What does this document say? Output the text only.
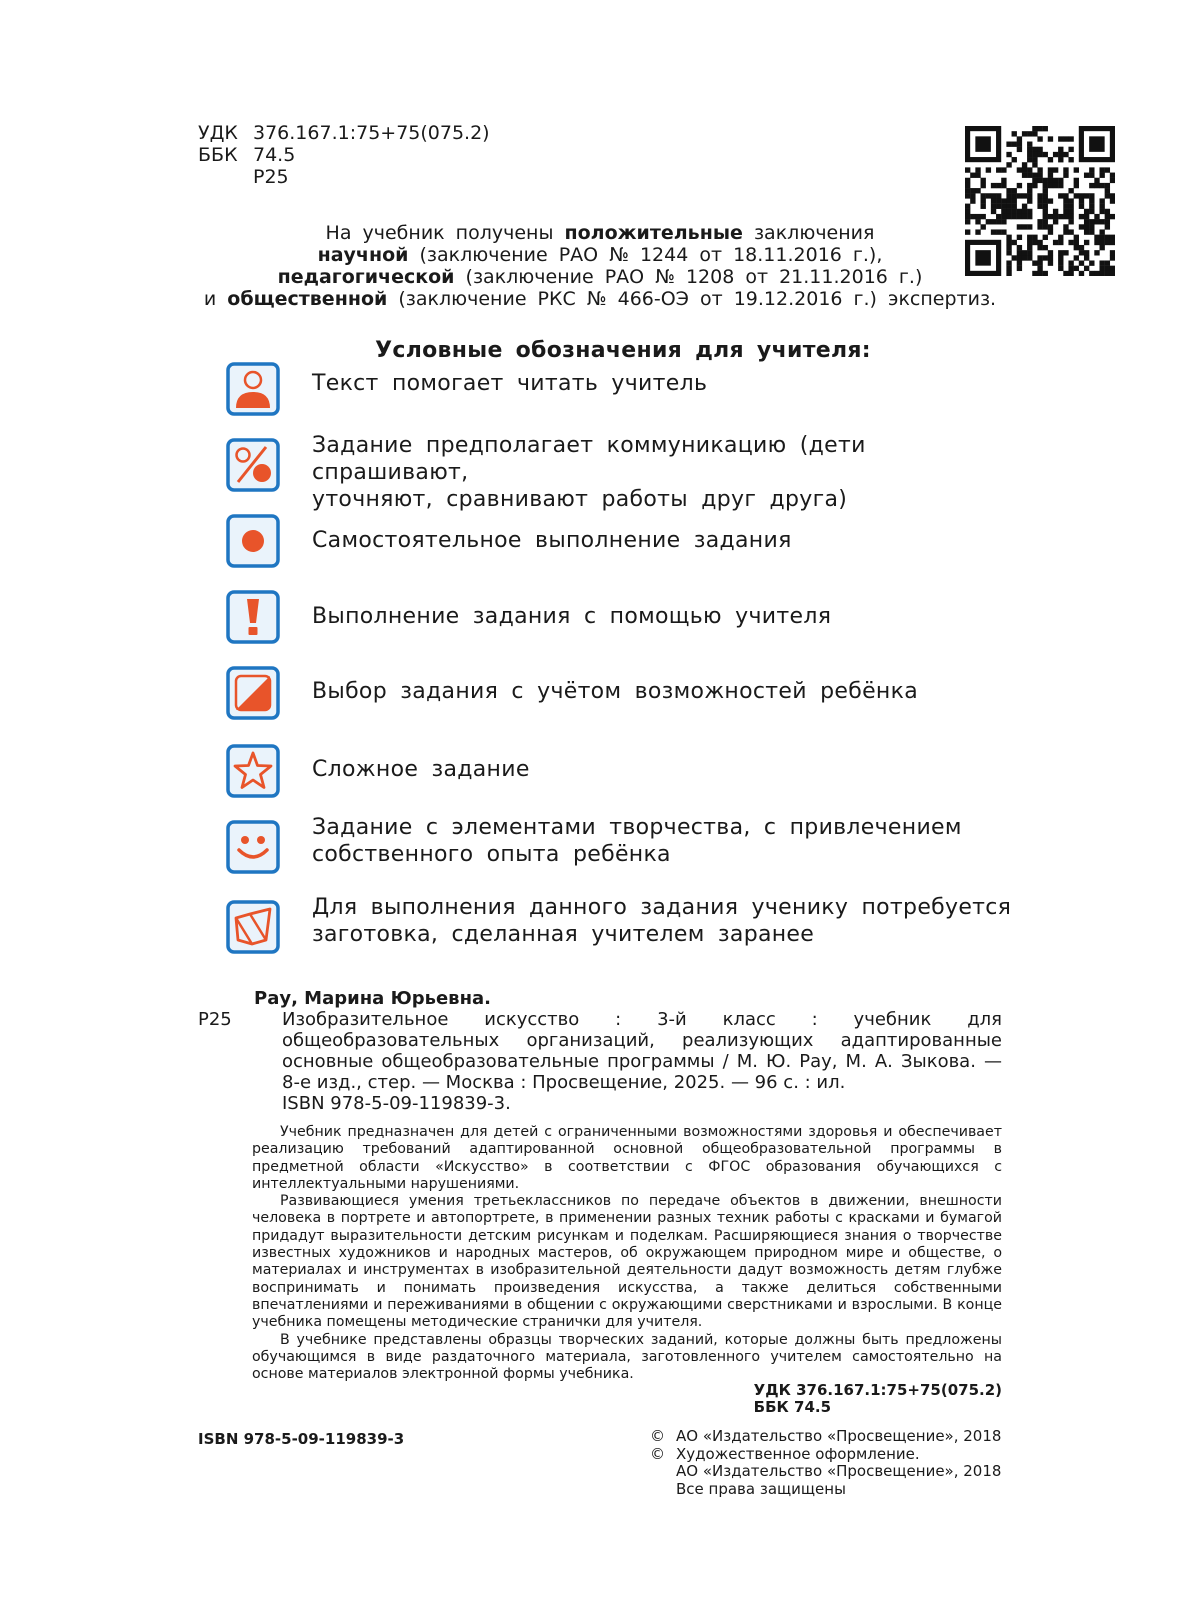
УДК 376.167.1:75+75(075.2)
ББК 74.5
Р25
На учебник получены положительные заключения
научной (заключение РАО № 1244 от 18.11.2016 г.),
педагогической (заключение РАО № 1208 от 21.11.2016 г.)
и общественной (заключение РКС № 466-ОЭ от 19.12.2016 г.) экспертиз.
Условные обозначения для учителя:
Текст помогает читать учитель
Задание предполагает коммуникацию (дети спрашивают,
уточняют, сравнивают работы друг друга)
Самостоятельное выполнение задания
Выполнение задания с помощью учителя
Выбор задания с учётом возможностей ребёнка
Сложное задание
Задание с элементами творчества, с привлечением
собственного опыта ребёнка
Для выполнения данного задания ученику потребуется
заготовка, сделанная учителем заранее
Рау, Марина Юрьевна.
Р25	Изобразительное искусство : 3-й класс : учебник для общеобразовательных организаций, реализующих адаптированные основные общеобразовательные программы / М. Ю. Рау, М. А. Зыкова. — 8-е изд., стер. — Москва : Просвещение, 2025. — 96 с. : ил.
ISBN 978-5-09-119839-3.

Учебник предназначен для детей с ограниченными возможностями здоровья и обеспечивает реализацию требований адаптированной основной общеобразовательной программы в предметной области «Искусство» в соответствии с ФГОС образования обучающихся с интеллектуальными нарушениями.

Развивающиеся умения третьеклассников по передаче объектов в движении, внешности человека в портрете и автопортрете, в применении разных техник работы с красками и бумагой придадут выразительности детским рисункам и поделкам. Расширяющиеся знания о творчестве известных художников и народных мастеров, об окружающем природном мире и обществе, о материалах и инструментах в изобразительной деятельности дадут возможность детям глубже воспринимать и понимать произведения искусства, а также делиться собственными впечатлениями и переживаниями в общении с окружающими сверстниками и взрослыми. В конце учебника помещены методические странички для учителя.

В учебнике представлены образцы творческих заданий, которые должны быть предложены обучающимся в виде раздаточного материала, заготовленного учителем самостоятельно на основе материалов электронной формы учебника.

УДК 376.167.1:75+75(075.2)
ББК 74.5
ISBN 978-5-09-119839-3	© АО «Издательство «Просвещение», 2018
© Художественное оформление.
АО «Издательство «Просвещение», 2018
Все права защищены
